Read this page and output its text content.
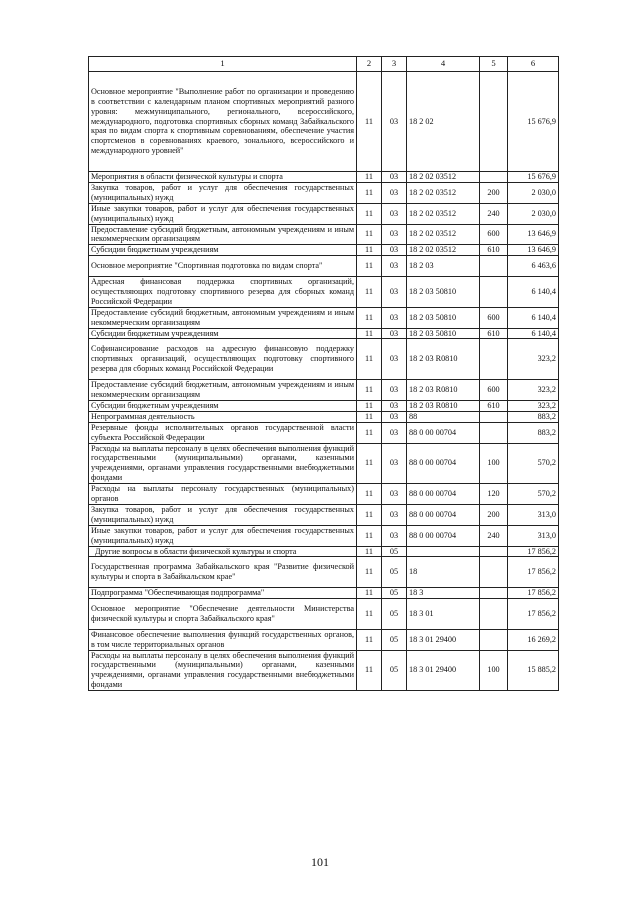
1	2	3	4	5	6
Основное мероприятие "Выполнение работ по организации и проведению в соответствии с календарным планом спортивных мероприятий разного уровня: межмуниципального, регионального, всероссийского, международного, подготовка спортивных сборных команд Забайкальского края по видам спорта к спортивным соревнованиям, обеспечение участия спортсменов в соревнованиях краевого, зонального, всероссийского и международного уровней"	11	03	18 2 02		15 676,9
Мероприятия в области физической культуры и спорта	11	03	18 2 02 03512		15 676,9
Закупка товаров, работ и услуг для обеспечения государственных (муниципальных) нужд	11	03	18 2 02 03512	200	2 030,0
Иные закупки товаров, работ и услуг для обеспечения государственных (муниципальных) нужд	11	03	18 2 02 03512	240	2 030,0
Предоставление субсидий бюджетным, автономным учреждениям и иным некоммерческим организациям	11	03	18 2 02 03512	600	13 646,9
Субсидии бюджетным учреждениям	11	03	18 2 02 03512	610	13 646,9
Основное мероприятие "Спортивная подготовка по видам спорта"	11	03	18 2 03		6 463,6
Адресная финансовая поддержка спортивных организаций, осуществляющих подготовку спортивного резерва для сборных команд Российской Федерации	11	03	18 2 03 50810		6 140,4
Предоставление субсидий бюджетным, автономным учреждениям и иным некоммерческим организациям	11	03	18 2 03 50810	600	6 140,4
Субсидии бюджетным учреждениям	11	03	18 2 03 50810	610	6 140,4
Софинансирование расходов на адресную финансовую поддержку спортивных организаций, осуществляющих подготовку спортивного резерва для сборных команд Российской Федерации	11	03	18 2 03 R0810		323,2
Предоставление субсидий бюджетным, автономным учреждениям и иным некоммерческим организациям	11	03	18 2 03 R0810	600	323,2
Субсидии бюджетным учреждениям	11	03	18 2 03 R0810	610	323,2
Непрограммная деятельность	11	03	88		883,2
Резервные фонды исполнительных органов государственной власти субъекта Российской Федерации	11	03	88 0 00 00704		883,2
Расходы на выплаты персоналу в целях обеспечения выполнения функций государственными (муниципальными) органами, казенными учреждениями, органами управления государственными внебюджетными фондами	11	03	88 0 00 00704	100	570,2
Расходы на выплаты персоналу государственных (муниципальных) органов	11	03	88 0 00 00704	120	570,2
Закупка товаров, работ и услуг для обеспечения государственных (муниципальных) нужд	11	03	88 0 00 00704	200	313,0
Иные закупки товаров, работ и услуг для обеспечения государственных (муниципальных) нужд	11	03	88 0 00 00704	240	313,0
Другие вопросы в области физической культуры и спорта	11	05			17 856,2
Государственная программа Забайкальского края "Развитие физической культуры и спорта в Забайкальском крае"	11	05	18		17 856,2
Подпрограмма "Обеспечивающая подпрограмма"	11	05	18 3		17 856,2
Основное мероприятие "Обеспечение деятельности Министерства физической культуры и спорта Забайкальского края"	11	05	18 3 01		17 856,2
Финансовое обеспечение выполнения функций государственных органов, в том числе территориальных органов	11	05	18 3 01 29400		16 269,2
Расходы на выплаты персоналу в целях обеспечения выполнения функций государственными (муниципальными) органами, казенными учреждениями, органами управления государственными внебюджетными фондами	11	05	18 3 01 29400	100	15 885,2
101
